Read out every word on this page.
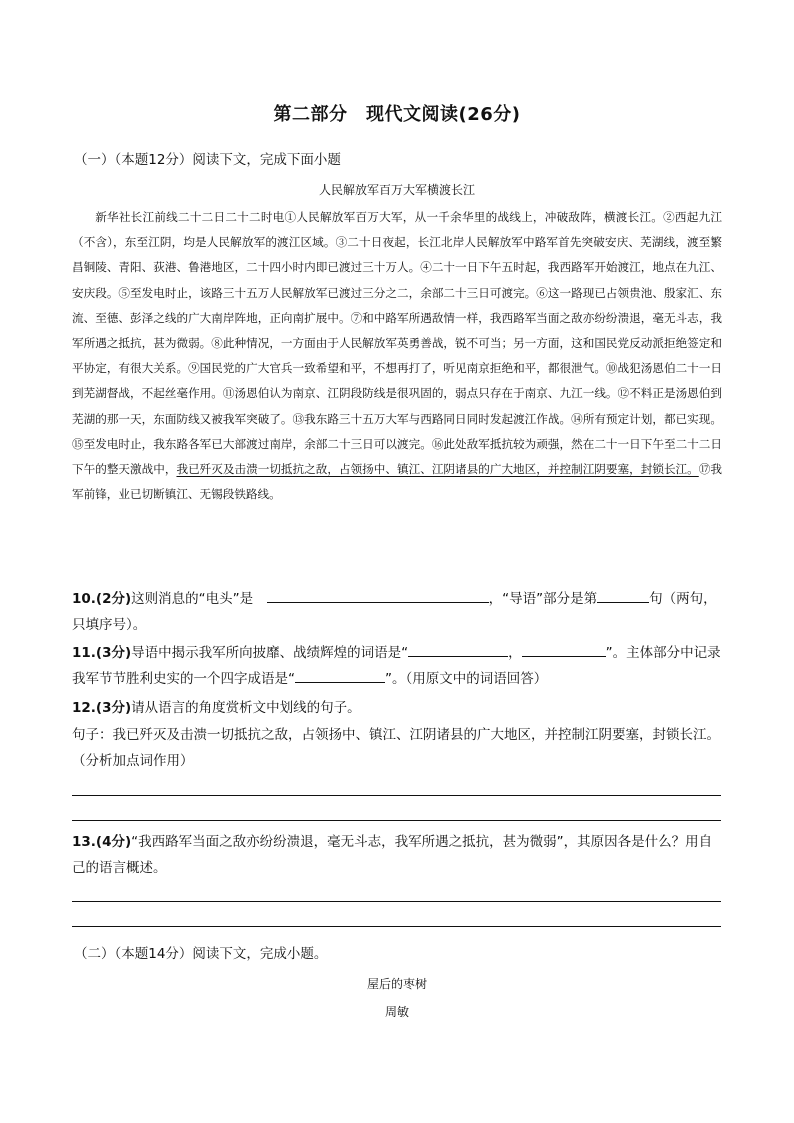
第二部分　现代文阅读(26分)
（一）（本题12分）阅读下文，完成下面小题
人民解放军百万大军横渡长江
新华社长江前线二十二日二十二时电①人民解放军百万大军，从一千余华里的战线上，冲破敌阵，横渡长江。②西起九江（不含），东至江阴，均是人民解放军的渡江区域。③二十日夜起，长江北岸人民解放军中路军首先突破安庆、芜湖线，渡至繁昌铜陵、青阳、荻港、鲁港地区，二十四小时内即已渡过三十万人。④二十一日下午五时起，我西路军开始渡江，地点在九江、安庆段。⑤至发电时止，该路三十五万人民解放军已渡过三分之二，余部二十三日可渡完。⑥这一路现已占领贵池、殷家汇、东流、至德、彭泽之线的广大南岸阵地，正向南扩展中。⑦和中路军所遇敌情一样，我西路军当面之敌亦纷纷溃退，毫无斗志，我军所遇之抵抗，甚为微弱。⑧此种情况，一方面由于人民解放军英勇善战，锐不可当；另一方面，这和国民党反动派拒绝签定和平协定，有很大关系。⑨国民党的广大官兵一致希望和平，不想再打了，听见南京拒绝和平，都很泄气。⑩战犯汤恩伯二十一日到芜湖督战，不起丝毫作用。⑪汤恩伯认为南京、江阴段防线是很巩固的，弱点只存在于南京、九江一线。⑫不料正是汤恩伯到芜湖的那一天，东面防线又被我军突破了。⑬我东路三十五万大军与西路同日同时发起渡江作战。⑭所有预定计划，都已实现。⑮至发电时止，我东路各军已大部渡过南岸，余部二十三日可以渡完。⑯此处敌军抵抗较为顽强，然在二十一日下午至二十二日下午的整天激战中，我已歼灭及击溃一切抵抗之敌，占领扬中、镇江、江阴诸县的广大地区，并控制江阴要塞，封锁长江。⑰我军前锋，业已切断镇江、无锡段铁路线。
10.(2分)这则消息的“电头”是　	，“导语”部分是第	句（两句，只填序号）。
11.(3分)导语中揭示我军所向披靡、战绩辉煌的词语是“	，	”。主体部分中记录我军节节胜利史实的一个四字成语是“	”。（用原文中的词语回答）
12.(3分)请从语言的角度赏析文中划线的句子。
句子：我已歼灭及击溃一切抵抗之敌，占领扬中、镇江、江阴诸县的广大地区，并控制江阴要塞，封锁长江。（分析加点词作用）
13.(4分)“我西路军当面之敌亦纷纷溃退，毫无斗志，我军所遇之抵抗，甚为微弱”，其原因各是什么？用自己的语言概述。
（二）（本题14分）阅读下文，完成小题。
屋后的枣树
周敏
